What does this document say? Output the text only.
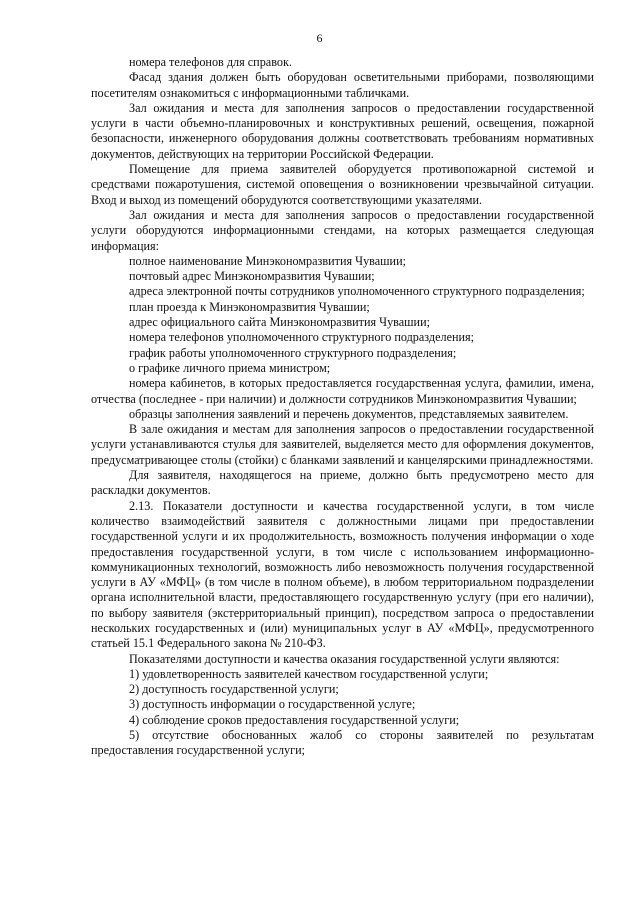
6

номера телефонов для справок.

Фасад здания должен быть оборудован осветительными приборами, позволяющими посетителям ознакомиться с информационными табличками.

Зал ожидания и места для заполнения запросов о предоставлении государственной услуги в части объемно-планировочных и конструктивных решений, освещения, пожарной безопасности, инженерного оборудования должны соответствовать требованиям нормативных документов, действующих на территории Российской Федерации.

Помещение для приема заявителей оборудуется противопожарной системой и средствами пожаротушения, системой оповещения о возникновении чрезвычайной ситуации. Вход и выход из помещений оборудуются соответствующими указателями.

Зал ожидания и места для заполнения запросов о предоставлении государственной услуги оборудуются информационными стендами, на которых размещается следующая информация:

полное наименование Минэкономразвития Чувашии;

почтовый адрес Минэкономразвития Чувашии;

адреса электронной почты сотрудников уполномоченного структурного подразделения;

план проезда к Минэкономразвития Чувашии;

адрес официального сайта Минэкономразвития Чувашии;

номера телефонов уполномоченного структурного подразделения;

график работы уполномоченного структурного подразделения;

о графике личного приема министром;

номера кабинетов, в которых предоставляется государственная услуга, фамилии, имена, отчества (последнее - при наличии) и должности сотрудников Минэкономразвития Чувашии;

образцы заполнения заявлений и перечень документов, представляемых заявителем.

В зале ожидания и местам для заполнения запросов о предоставлении государственной услуги устанавливаются стулья для заявителей, выделяется место для оформления документов, предусматривающее столы (стойки) с бланками заявлений и канцелярскими принадлежностями.

Для заявителя, находящегося на приеме, должно быть предусмотрено место для раскладки документов.

2.13. Показатели доступности и качества государственной услуги, в том числе количество взаимодействий заявителя с должностными лицами при предоставлении государственной услуги и их продолжительность, возможность получения информации о ходе предоставления государственной услуги, в том числе с использованием информационно-коммуникационных технологий, возможность либо невозможность получения государственной услуги в АУ «МФЦ» (в том числе в полном объеме), в любом территориальном подразделении органа исполнительной власти, предоставляющего государственную услугу (при его наличии), по выбору заявителя (экстерриториальный принцип), посредством запроса о предоставлении нескольких государственных и (или) муниципальных услуг в АУ «МФЦ», предусмотренного статьей 15.1 Федерального закона № 210-ФЗ.

Показателями доступности и качества оказания государственной услуги являются:

1) удовлетворенность заявителей качеством государственной услуги;

2) доступность государственной услуги;

3) доступность информации о государственной услуге;

4) соблюдение сроков предоставления государственной услуги;

5) отсутствие обоснованных жалоб со стороны заявителей по результатам предоставления государственной услуги;
